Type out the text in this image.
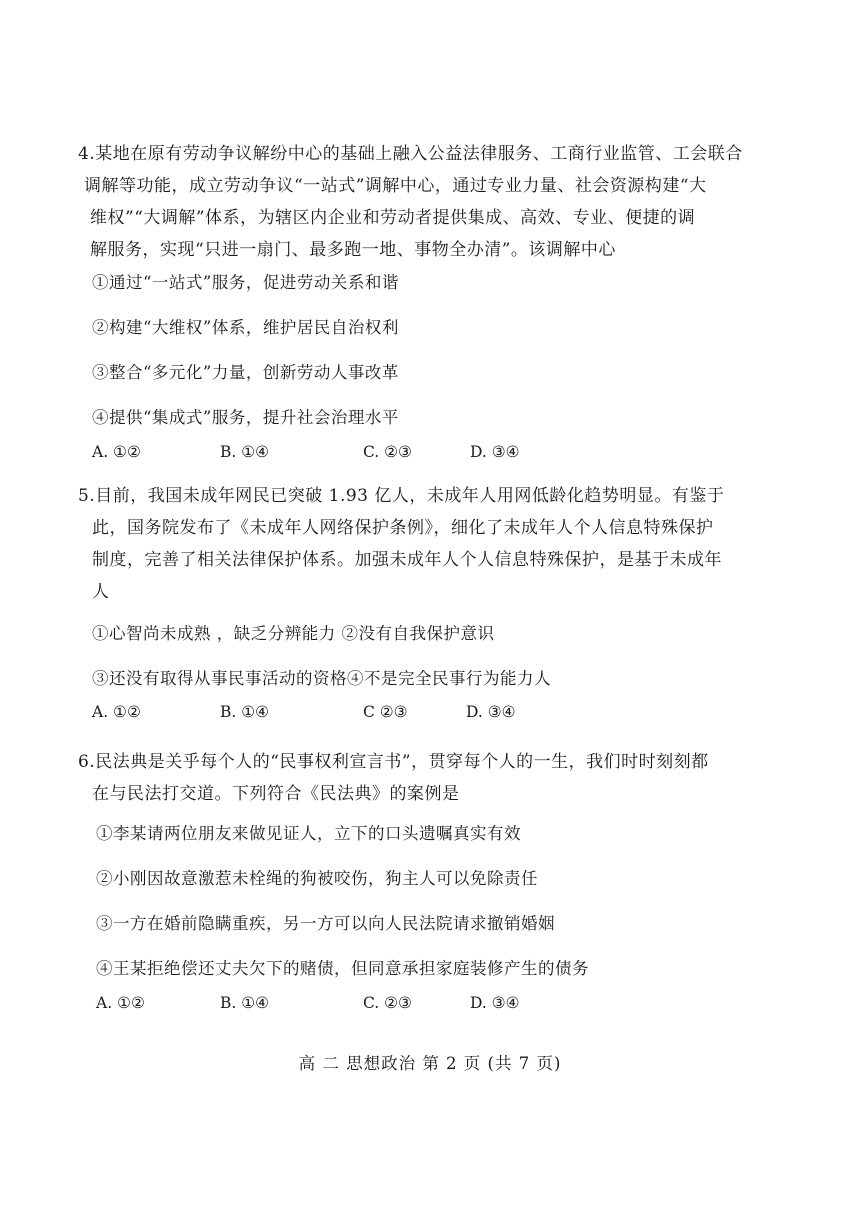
4.某地在原有劳动争议解纷中心的基础上融入公益法律服务、工商行业监管、工会联合
调解等功能，成立劳动争议“一站式”调解中心，通过专业力量、社会资源构建“大
维权”“大调解”体系，为辖区内企业和劳动者提供集成、高效、专业、便捷的调
解服务，实现“只进一扇门、最多跑一地、事物全办清”。该调解中心
①通过“一站式”服务，促进劳动关系和谐
②构建“大维权”体系，维护居民自治权利
③整合“多元化”力量，创新劳动人事改革
④提供“集成式”服务，提升社会治理水平
A. ①②	B. ①④	C. ②③	D. ③④
5.目前，我国未成年网民已突破 1.93 亿人，未成年人用网低龄化趋势明显。有鉴于
此，国务院发布了《未成年人网络保护条例》，细化了未成年人个人信息特殊保护
制度，完善了相关法律保护体系。加强未成年人个人信息特殊保护，是基于未成年
人
①心智尚未成熟 ，缺乏分辨能力 ②没有自我保护意识
③还没有取得从事民事活动的资格④不是完全民事行为能力人
A. ①②	B. ①④	C ②③	D. ③④
6.民法典是关乎每个人的“民事权利宣言书”，贯穿每个人的一生，我们时时刻刻都
在与民法打交道。下列符合《民法典》的案例是
①李某请两位朋友来做见证人，立下的口头遗嘱真实有效
②小刚因故意激惹未栓绳的狗被咬伤，狗主人可以免除责任
③一方在婚前隐瞒重疾，另一方可以向人民法院请求撤销婚姻
④王某拒绝偿还丈夫欠下的赌债，但同意承担家庭装修产生的债务
A. ①②	B. ①④	C. ②③	D. ③④
高 二 思想政治 第 2 页 (共 7 页)
